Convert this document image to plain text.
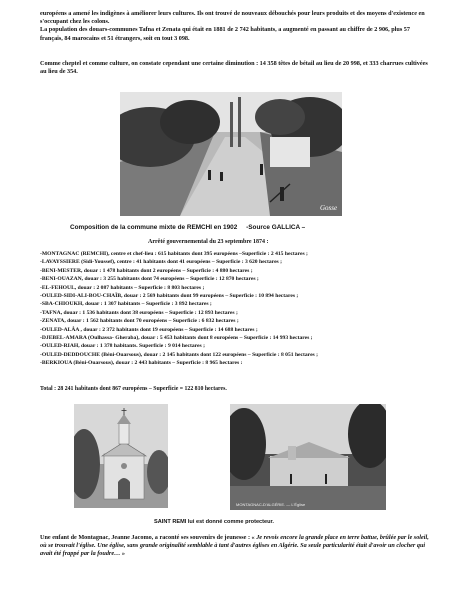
européens a amené les indigènes à améliorer leurs cultures. Ils ont trouvé de nouveaux débouchés pour leurs produits et des moyens d'existence en s'occupant chez les colons.
La population des douars-communes Tafna et Zenata qui était en 1881 de 2 742 habitants, a augmenté en passant au chiffre de 2 906, plus 57 français, 84 marocains et 51 étrangers, soit en tout 3 098.

Comme cheptel et comme culture, on constate cependant une certaine diminution : 14 358 têtes de bétail au lieu de 20 998, et 333 charrues cultivées au lieu de 354.

Gosse
Composition de la commune mixte de REMCHI en 1902 -Source GALLICA –
Arrêté gouvernemental du 23 septembre 1874 :
-MONTAGNAC (REMCHI), centre et chef-lieu : 615 habitants dont 395 européens –Superficie : 2 415 hectares ;
-LAVAYSSIERE (Sidi-Youssef), centre : 41 habitants dont 41 européens – Superficie : 3 620 hectares ;
-BENI-MESTER, douar : 1 478 habitants dont 2 européens – Superficie : 4 880 hectares ;
-BENI-OUAZAN, douar : 3 255 habitants dont 74 européens – Superficie : 12 870 hectares ;
-EL-FEHOUL, douar : 2 087 habitants – Superficie : 8 803 hectares ;
-OULED-SIDI-ALI-BOU-CHAÏB, douar : 2 569 habitants dont 99 européens – Superficie : 10 894 hectares ;
-SBA-CHIOUKH, douar : 1 307 habitants – Superficie : 3 892 hectares ;
-TAFNA, douar : 1 536 habitants dont 38 européens – Superficie : 12 893 hectares ;
-ZENATA, douar : 1 562 habitants dont 70 européens – Superficie : 6 832 hectares ;
-OULED-ALÂA , douar : 2 372 habitants dont 19 européens – Superficie : 14 688 hectares ;
-DJEBEL-AMARA (Oulhassa- Gheraba), douar : 5 453 habitants dont 8 européens – Superficie : 14 993 hectares ;
-OULED-RIAH, douar : 1 378 habitants. Superficie : 9 014 hectares ;
-OULED-DEDDOUCHE (Béni-Ouarsous), douar : 2 145 habitants dont 122 européens – Superficie : 8 051 hectares ;
-BERKIOUA (Béni-Ouarsous), douar : 2 443 habitants – Superficie : 8 965 hectares :
Total : 28 241 habitants dont 867 européens – Superficie = 122 810 hectares.
MONTAGNAC-D'ALGÉRIE. — L'Église
SAINT REMI lui est donné comme protecteur.

Une enfant de Montagnac, Jeanne Jacomo, a raconté ses souvenirs de jeunesse : « Je revois encore la grande place en terre battue, brûlée par le soleil, où se trouvait l'église. Une église, sans grande originalité semblable à tant d'autres églises en Algérie. Sa seule particularité était d'avoir un clocher qui avait été frappé par la foudre… »
